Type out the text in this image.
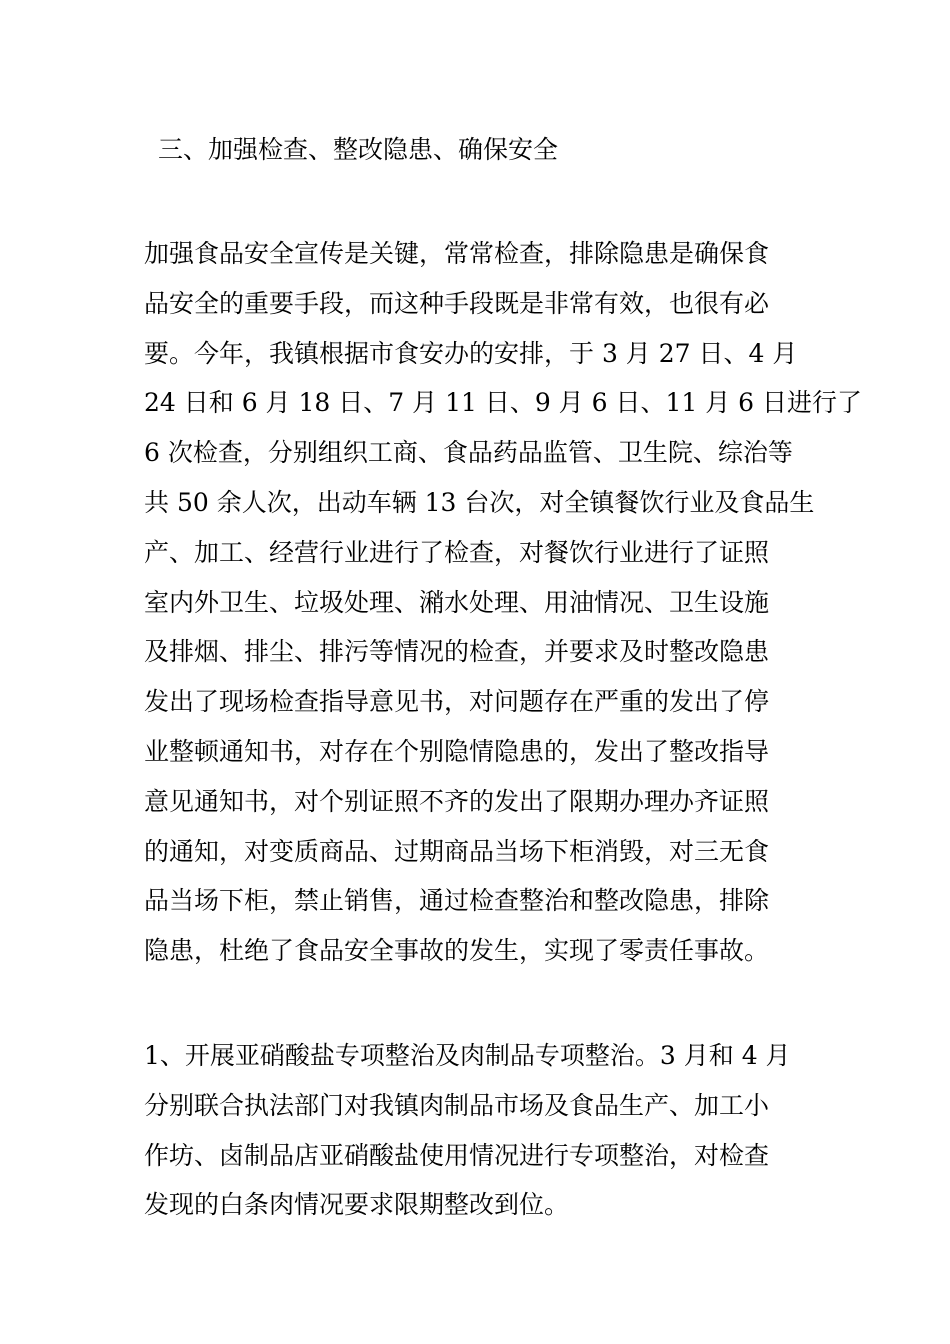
三、加强检查、整改隐患、确保安全
加强食品安全宣传是关键，常常检查，排除隐患是确保食
品安全的重要手段，而这种手段既是非常有效，也很有必
要。今年，我镇根据市食安办的安排，于 3 月 27 日、4 月
24 日和 6 月 18 日、7 月 11 日、9 月 6 日、11 月 6 日进行了
6 次检查，分别组织工商、食品药品监管、卫生院、综治等
共 50 余人次，出动车辆 13 台次，对全镇餐饮行业及食品生
产、加工、经营行业进行了检查，对餐饮行业进行了证照
室内外卫生、垃圾处理、潲水处理、用油情况、卫生设施
及排烟、排尘、排污等情况的检查，并要求及时整改隐患
发出了现场检查指导意见书，对问题存在严重的发出了停
业整顿通知书，对存在个别隐情隐患的，发出了整改指导
意见通知书，对个别证照不齐的发出了限期办理办齐证照
的通知，对变质商品、过期商品当场下柜消毁，对三无食
品当场下柜，禁止销售，通过检查整治和整改隐患，排除
隐患，杜绝了食品安全事故的发生，实现了零责任事故。
1、开展亚硝酸盐专项整治及肉制品专项整治。3 月和 4 月
分别联合执法部门对我镇肉制品市场及食品生产、加工小
作坊、卤制品店亚硝酸盐使用情况进行专项整治，对检查
发现的白条肉情况要求限期整改到位。
